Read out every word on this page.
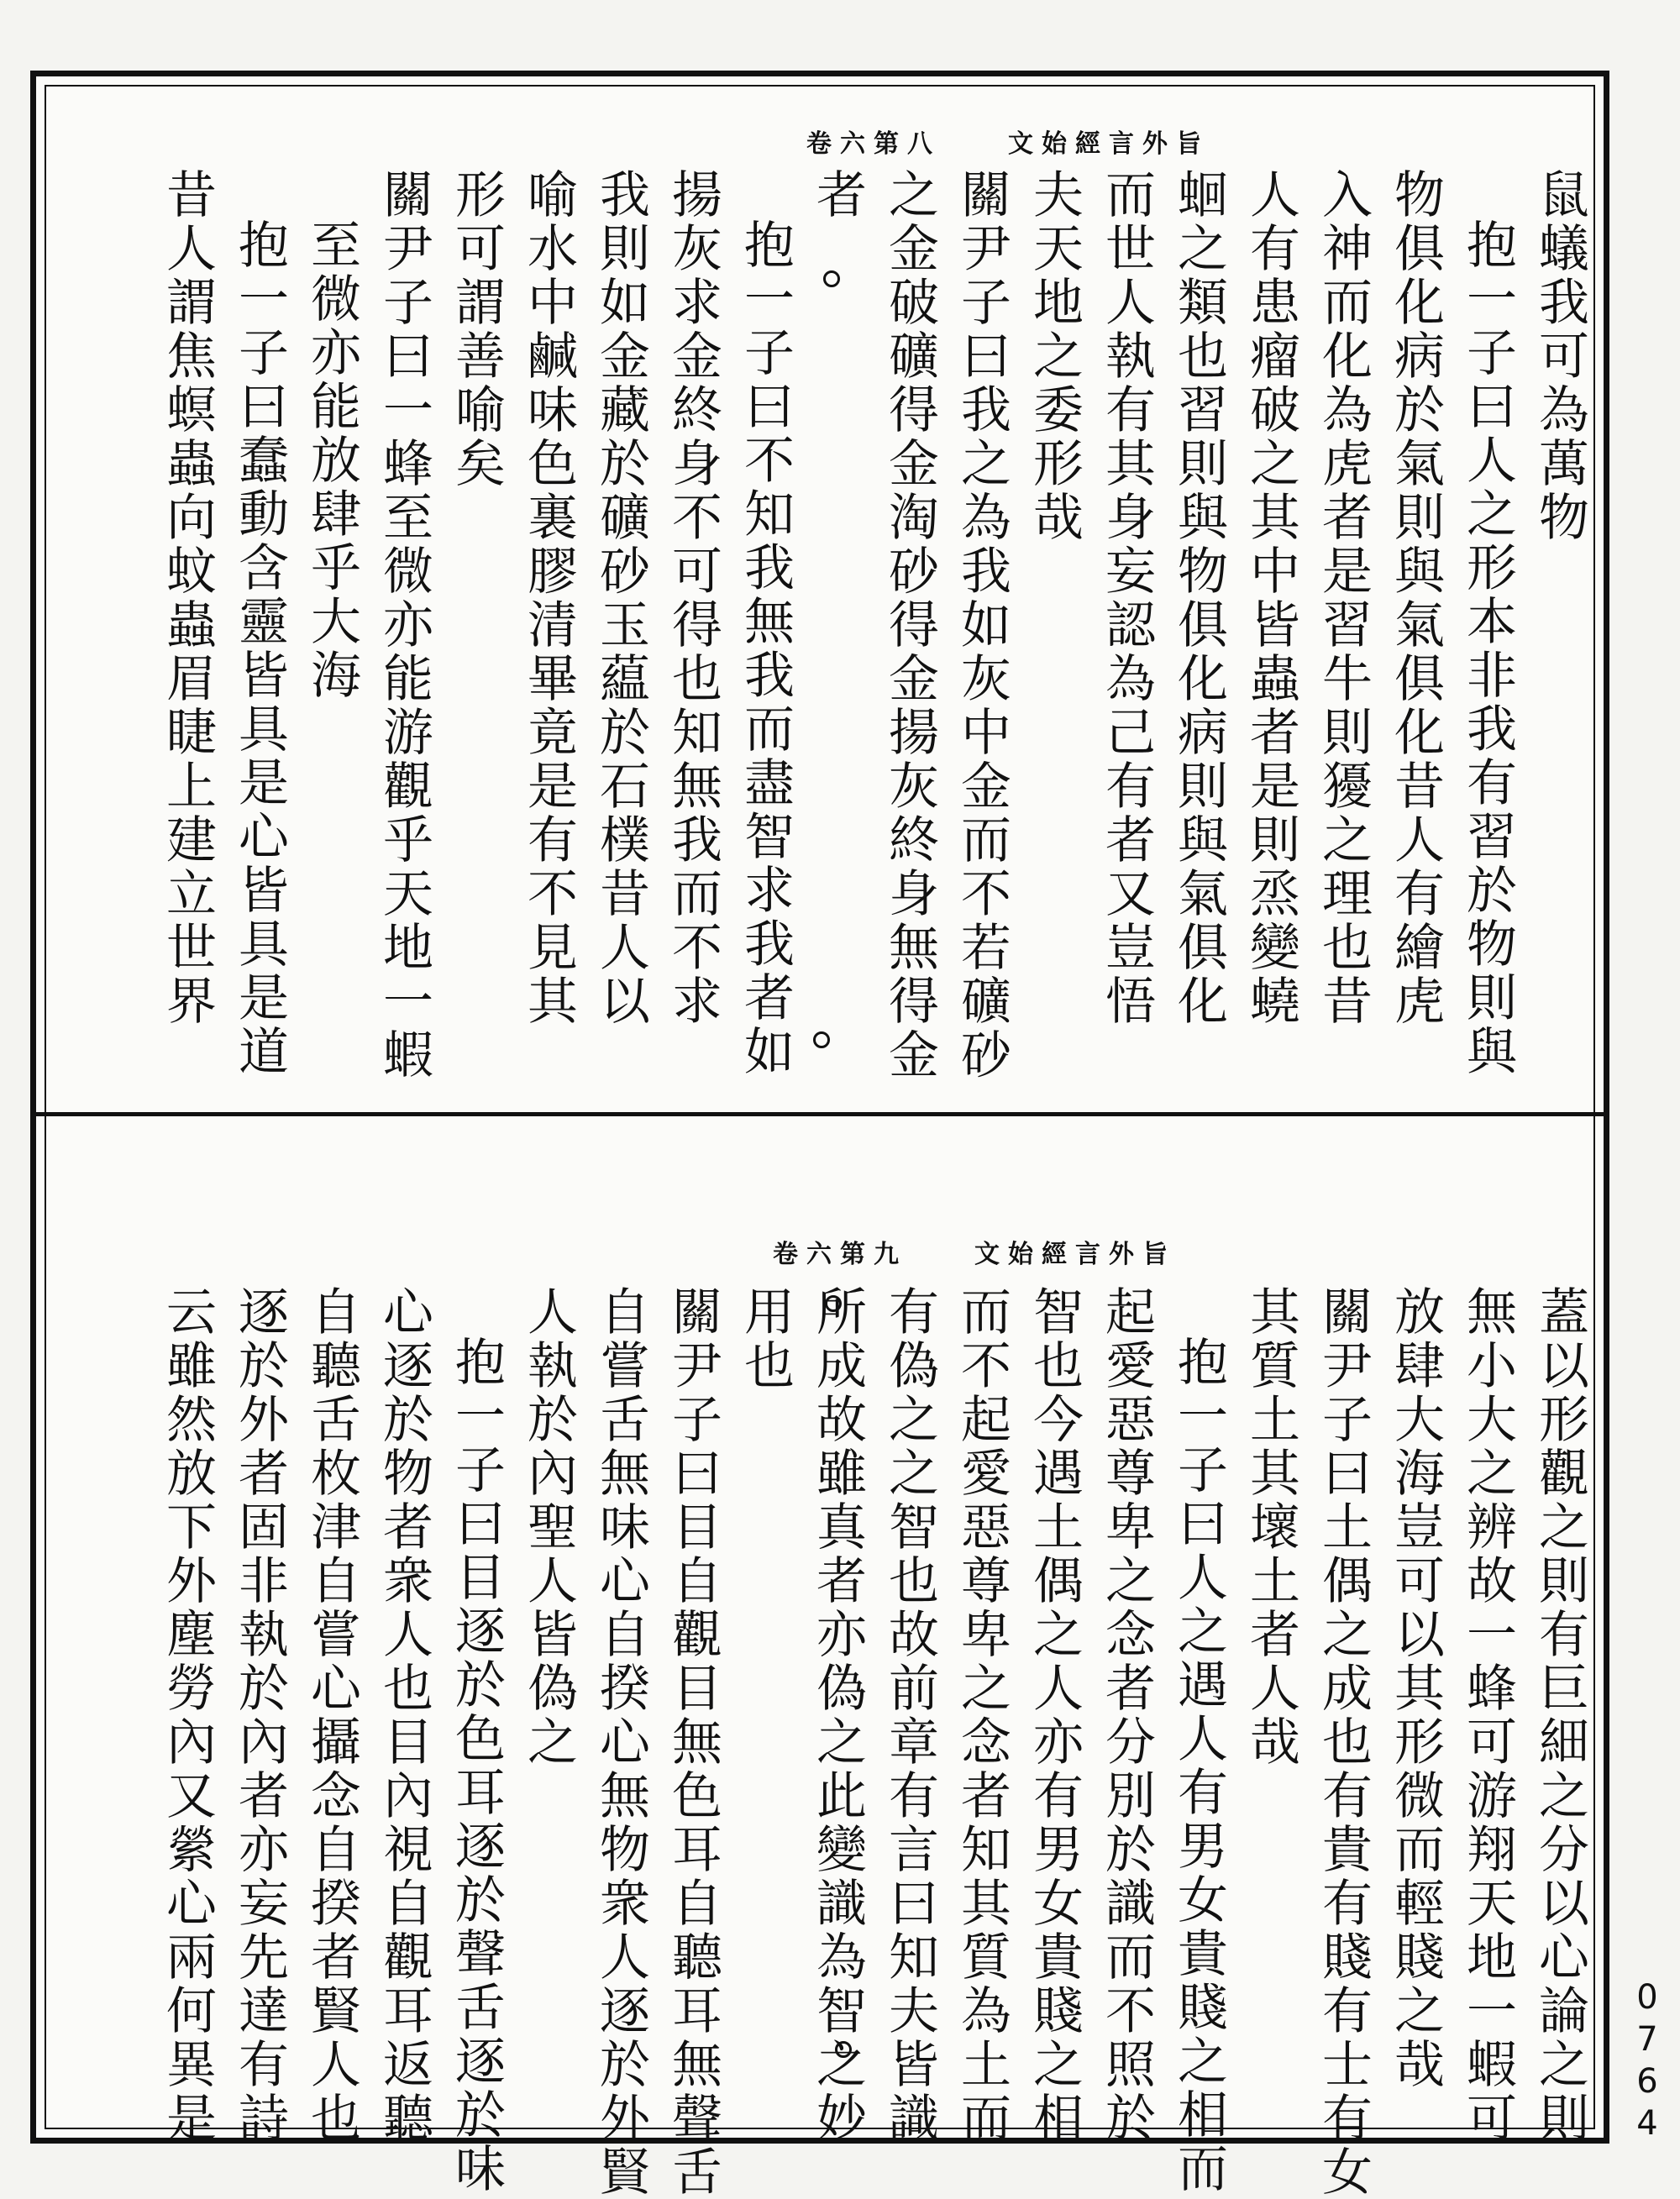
文始經言外旨
卷六第八
鼠蟻我可為萬物
抱一子曰人之形本非我有習於物則與
物俱化病於氣則與氣俱化昔人有繪虎
入神而化為虎者是習牛則獶之理也昔
人有患瘤破之其中皆蟲者是則烝變蟯
蛔之類也習則與物俱化病則與氣俱化
而世人執有其身妄認為己有者又豈悟
夫天地之委形哉
關尹子曰我之為我如灰中金而不若礦砂
之金破礦得金淘砂得金揚灰終身無得金
者
抱一子曰不知我無我而盡智求我者如
揚灰求金終身不可得也知無我而不求
我則如金藏於礦砂玉藴於石樸昔人以
喻水中鹹味色裏膠清畢竟是有不見其
形可謂善喻矣
關尹子曰一蜂至微亦能游觀乎天地一蝦
至微亦能放肆乎大海
抱一子曰蠢動含靈皆具是心皆具是道
昔人謂焦螟蟲向蚊蟲眉睫上建立世界
文始經言外旨
卷六第九
蓋以形觀之則有巨細之分以心論之則
無小大之辨故一蜂可游翔天地一蝦可
放肆大海豈可以其形微而輕賤之哉
關尹子曰土偶之成也有貴有賤有士有女
其質土其壞土者人哉
抱一子曰人之遇人有男女貴賤之相而
起愛惡尊卑之念者分別於識而不照於
智也今遇土偶之人亦有男女貴賤之相
而不起愛惡尊卑之念者知其質為土而
有偽之之智也故前章有言曰知夫皆識
所成故雖真者亦偽之此變識為智之妙
用也
關尹子曰目自觀目無色耳自聽耳無聲舌
自嘗舌無味心自揆心無物衆人逐於外賢
人執於內聖人皆偽之
抱一子曰目逐於色耳逐於聲舌逐於味
心逐於物者衆人也目內視自觀耳返聽
自聽舌枚津自嘗心攝念自揆者賢人也
逐於外者固非執於內者亦妄先達有詩
云雖然放下外塵勞內又縈心兩何異是	0764
